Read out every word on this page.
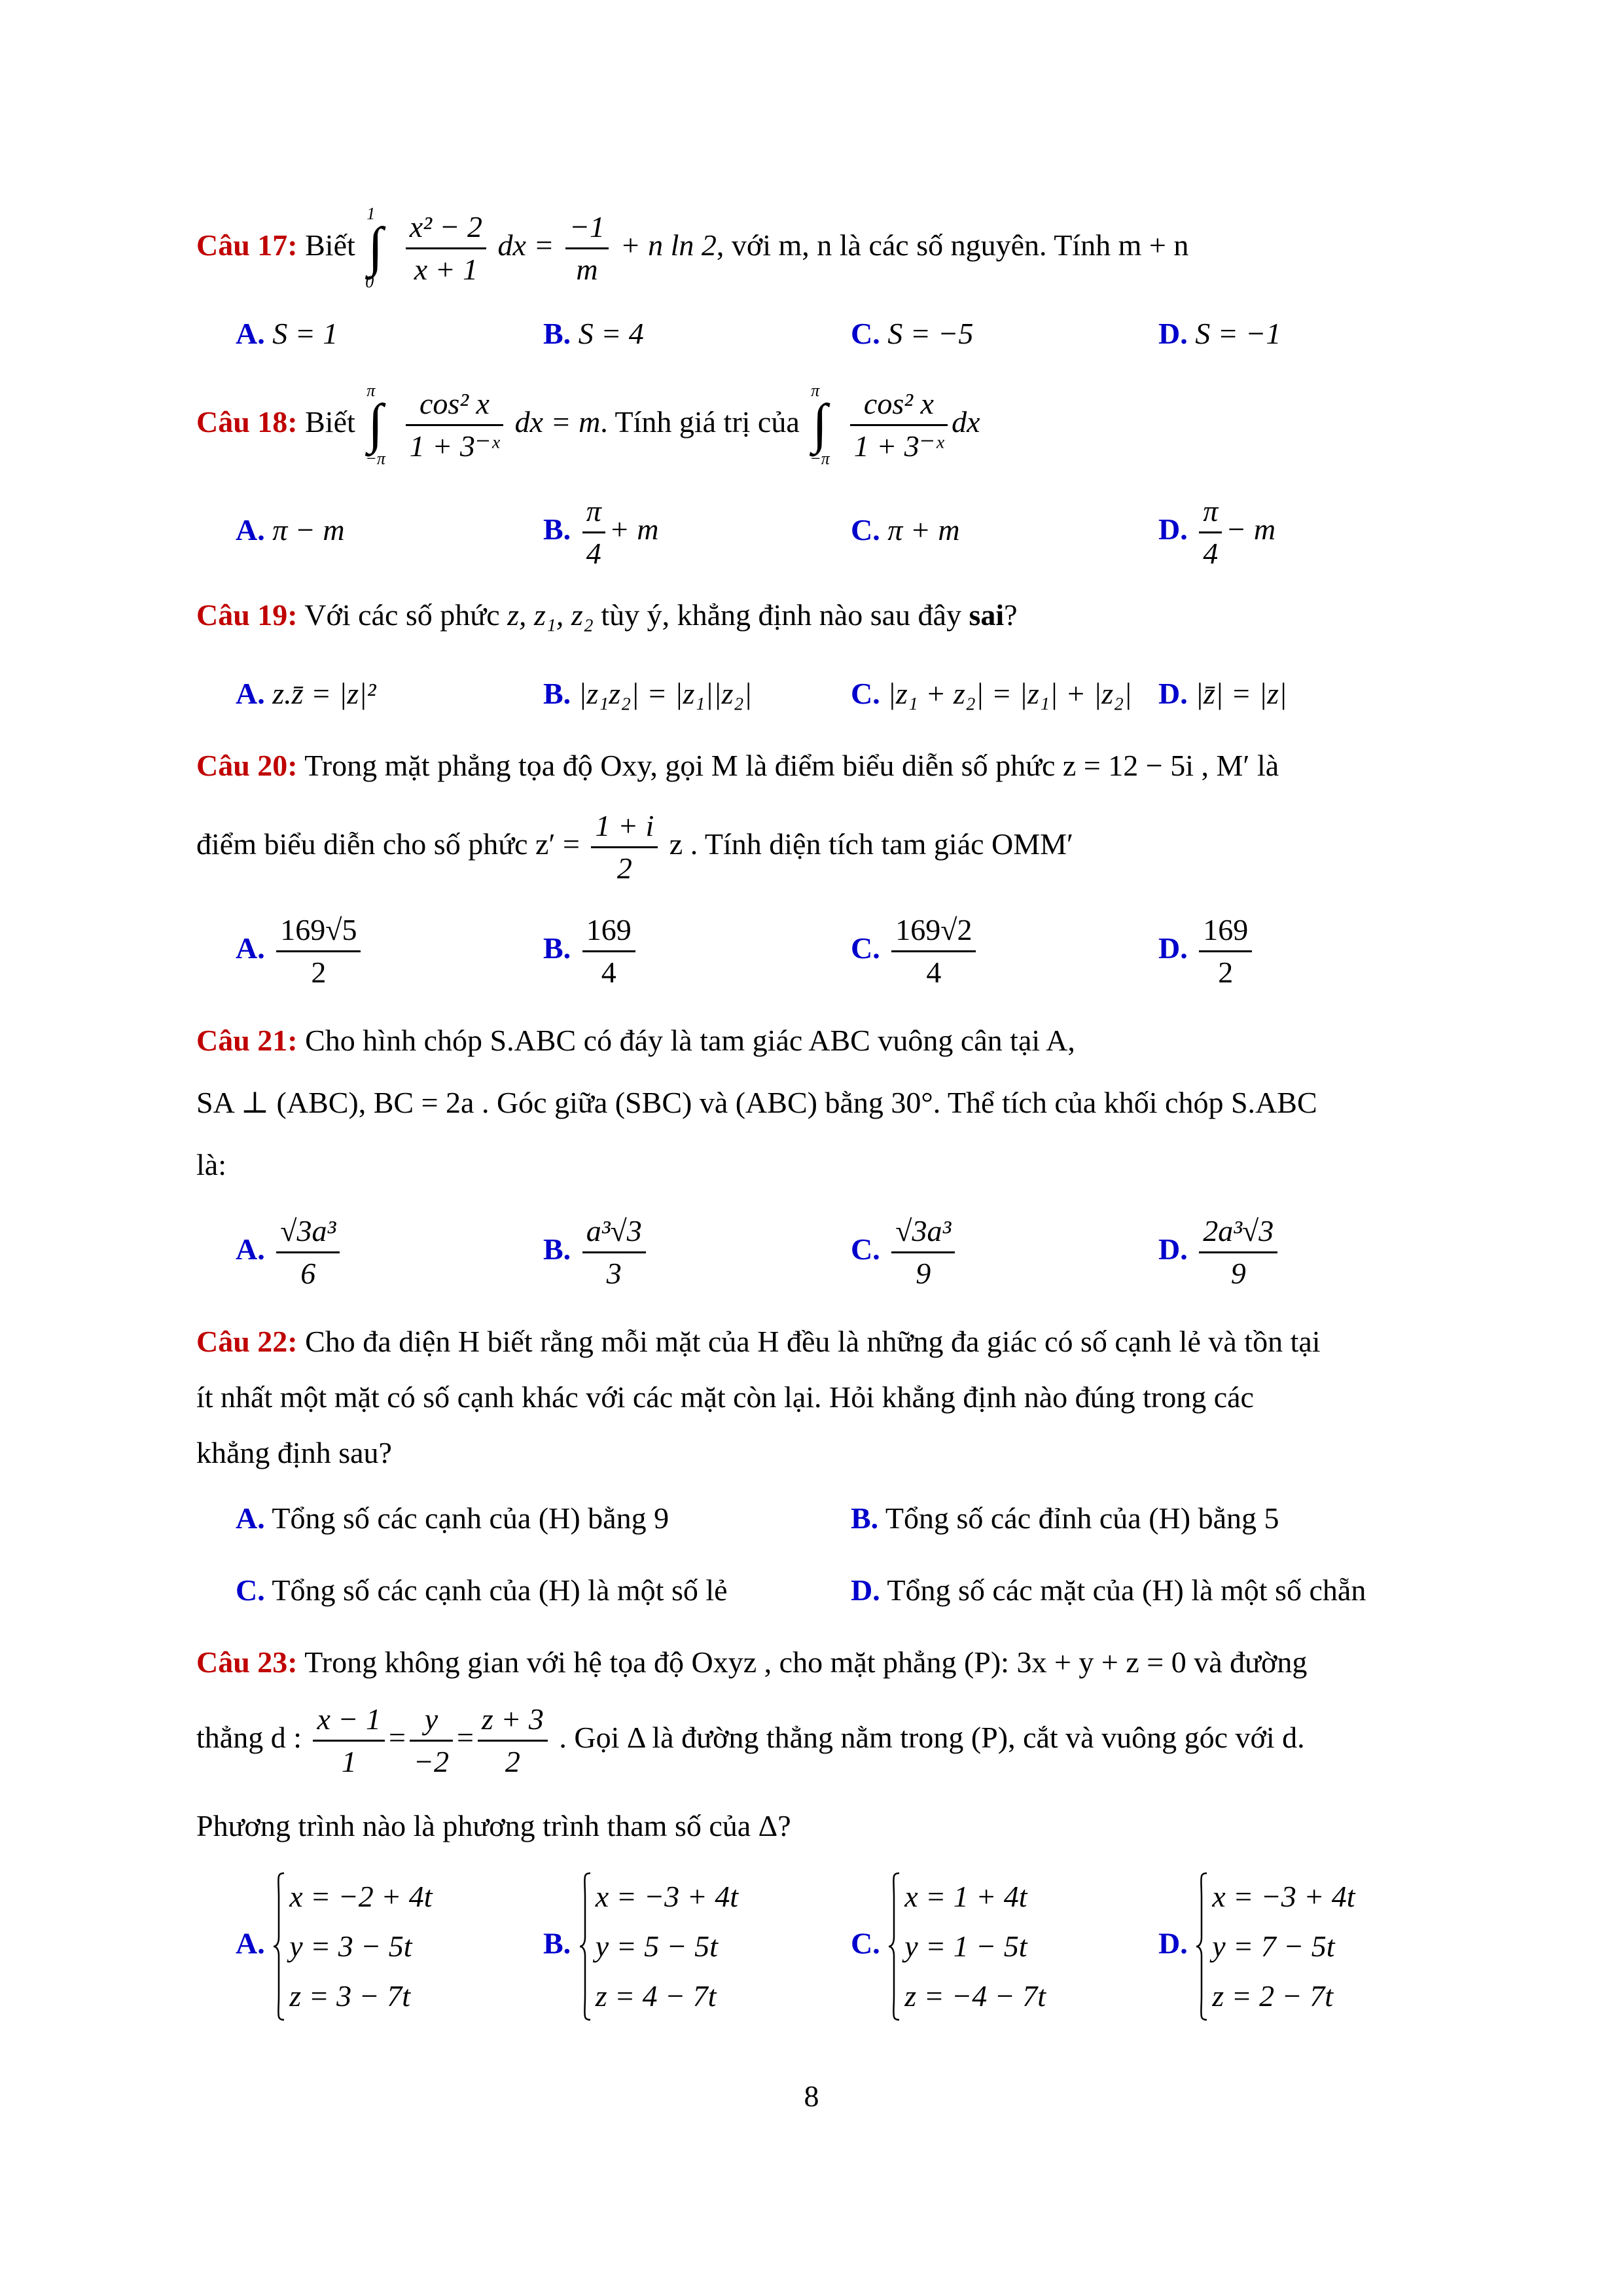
Câu 17: Biết
1
∫
0
$\frac{\text{x² − 2}}{x + 1}$ dx = $\frac{-1}{m} + n$ ln 2, với m, n là các số nguyên. Tính m + n
A. S = 1	B. S = 4	C. S = −5	D. S = −1
Câu 18: Biết
π
∫
−π
$\frac{\text{cos² x}}{\text{1 + 3⁻ˣ}}$ dx = m. Tính giá trị của
π
∫
−π
$\frac{\text{cos² x}}{\text{1 + 3⁻ˣ}}$ dx
A. π − m	B. $\frac{\pi}{4} + m$	C. π + m	D. $\frac{\pi}{4} - m$
Câu 19: Với các số phức z, z₁, z₂ tùy ý, khẳng định nào sau đây sai?
A. z.z̄ = |z|²	B. |z₁z₂| = |z₁||z₂|	C. |z₁ + z₂| = |z₁| + |z₂| D. |z̄| = |z|
Câu 20: Trong mặt phẳng tọa độ Oxy, gọi M là điểm biểu diễn số phức z = 12 − 5i , M′ là
điểm biểu diễn cho số phức $z' = \frac{1 + i}{2}$ z . Tính diện tích tam giác OMM′
A. $\frac{169√5}{2}$	B. $\frac{169}{4}$	C. $\frac{169√2}{4}$	D. $\frac{169}{2}$
Câu 21: Cho hình chóp S.ABC có đáy là tam giác ABC vuông cân tại A,
SA ⊥ (ABC), BC = 2a . Góc giữa (SBC) và (ABC) bằng 30°. Thể tích của khối chóp S.ABC
là:
A. $\frac{\text{√3a³}}{6}$	B. $\frac{\text{a³√3}}{3}$	C. $\frac{\text{√3a³}}{9}$	D. $\frac{\text{2a³√3}}{9}$
Câu 22: Cho đa diện H biết rằng mỗi mặt của H đều là những đa giác có số cạnh lẻ và tồn tại
ít nhất một mặt có số cạnh khác với các mặt còn lại. Hỏi khẳng định nào đúng trong các
khẳng định sau?
A. Tổng số các cạnh của (H) bằng 9	B. Tổng số các đỉnh của (H) bằng 5
C. Tổng số các cạnh của (H) là một số lẻ	D. Tổng số các mặt của (H) là một số chẵn
Câu 23: Trong không gian với hệ tọa độ Oxyz , cho mặt phẳng (P): 3x + y + z = 0 và đường
thẳng d : $\frac{x - 1}{1} = \frac{y}{-2} = \frac{z + 3}{2}$ . Gọi Δ là đường thẳng nằm trong (P), cắt và vuông góc với d.
Phương trình nào là phương trình tham số của Δ?
A.
x = −2 + 4t
y = 3 − 5t
z = 3 − 7t
B.
x = −3 + 4t
y = 5 − 5t
z = 4 − 7t
C.
x = 1 + 4t
y = 1 − 5t
z = −4 − 7t
D.
x = −3 + 4t
y = 7 − 5t
z = 2 − 7t
8
